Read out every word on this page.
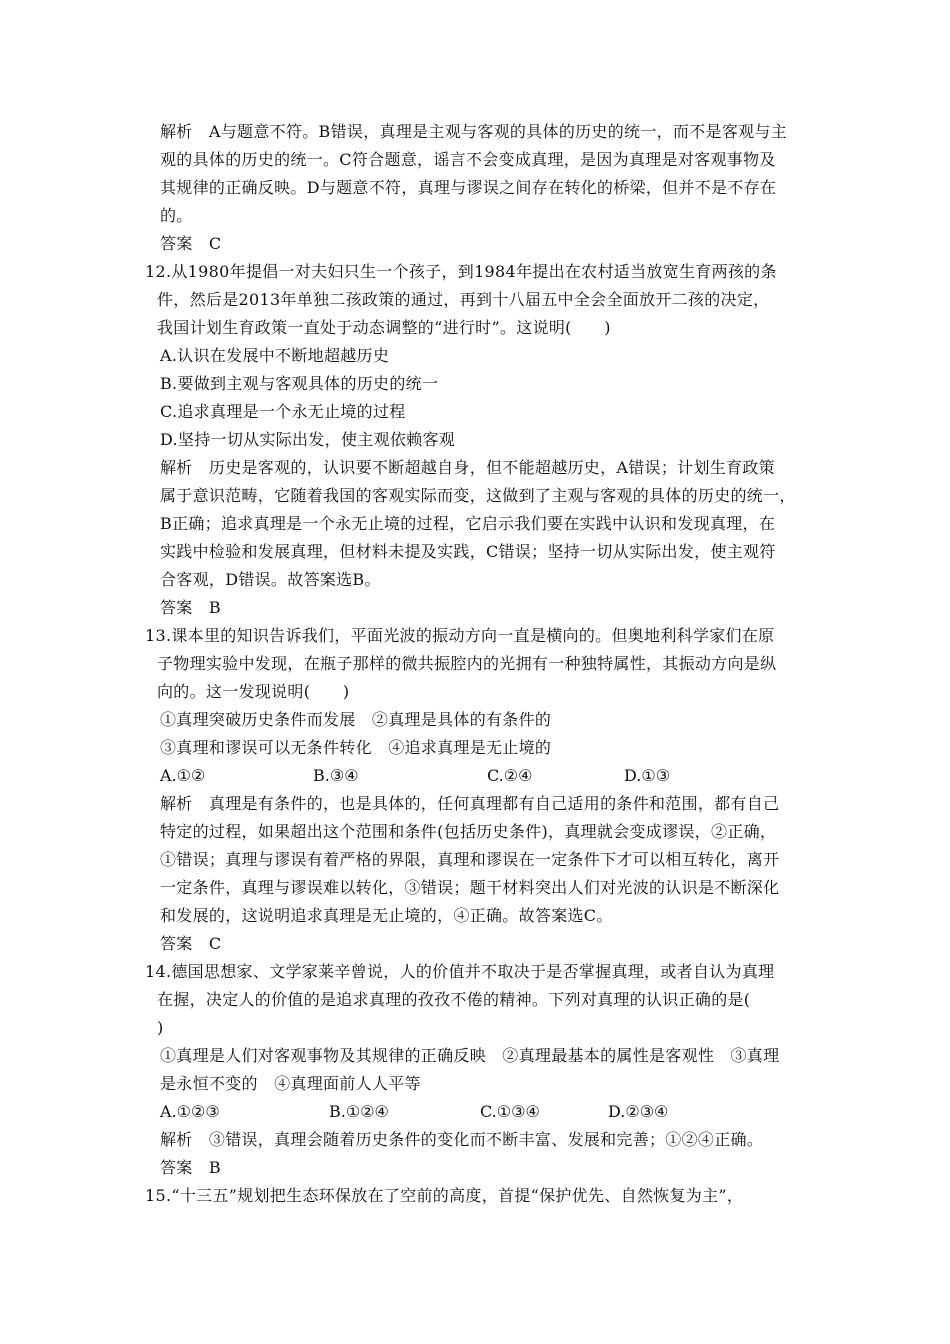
解析　A与题意不符。B错误，真理是主观与客观的具体的历史的统一，而不是客观与主
观的具体的历史的统一。C符合题意，谣言不会变成真理，是因为真理是对客观事物及
其规律的正确反映。D与题意不符，真理与谬误之间存在转化的桥梁，但并不是不存在
的。
答案　C
12.从1980年提倡一对夫妇只生一个孩子，到1984年提出在农村适当放宽生育两孩的条
件，然后是2013年单独二孩政策的通过，再到十八届五中全会全面放开二孩的决定，
我国计划生育政策一直处于动态调整的“进行时”。这说明(　　)
A.认识在发展中不断地超越历史
B.要做到主观与客观具体的历史的统一
C.追求真理是一个永无止境的过程
D.坚持一切从实际出发，使主观依赖客观
解析　历史是客观的，认识要不断超越自身，但不能超越历史，A错误；计划生育政策
属于意识范畴，它随着我国的客观实际而变，这做到了主观与客观的具体的历史的统一，
B正确；追求真理是一个永无止境的过程，它启示我们要在实践中认识和发现真理，在
实践中检验和发展真理，但材料未提及实践，C错误；坚持一切从实际出发，使主观符
合客观，D错误。故答案选B。
答案　B
13.课本里的知识告诉我们，平面光波的振动方向一直是横向的。但奥地利科学家们在原
子物理实验中发现，在瓶子那样的微共振腔内的光拥有一种独特属性，其振动方向是纵
向的。这一发现说明(　　)
①真理突破历史条件而发展　②真理是具体的有条件的
③真理和谬误可以无条件转化　④追求真理是无止境的
A.①②	B.③④	C.②④	D.①③
解析　真理是有条件的，也是具体的，任何真理都有自己适用的条件和范围，都有自己
特定的过程，如果超出这个范围和条件(包括历史条件)，真理就会变成谬误，②正确，
①错误；真理与谬误有着严格的界限，真理和谬误在一定条件下才可以相互转化，离开
一定条件，真理与谬误难以转化，③错误；题干材料突出人们对光波的认识是不断深化
和发展的，这说明追求真理是无止境的，④正确。故答案选C。
答案　C
14.德国思想家、文学家莱辛曾说，人的价值并不取决于是否掌握真理，或者自认为真理
在握，决定人的价值的是追求真理的孜孜不倦的精神。下列对真理的认识正确的是(
)
①真理是人们对客观事物及其规律的正确反映　②真理最基本的属性是客观性　③真理
是永恒不变的　④真理面前人人平等
A.①②③	B.①②④	C.①③④	D.②③④
解析　③错误，真理会随着历史条件的变化而不断丰富、发展和完善；①②④正确。
答案　B
15.“十三五”规划把生态环保放在了空前的高度，首提“保护优先、自然恢复为主”，
